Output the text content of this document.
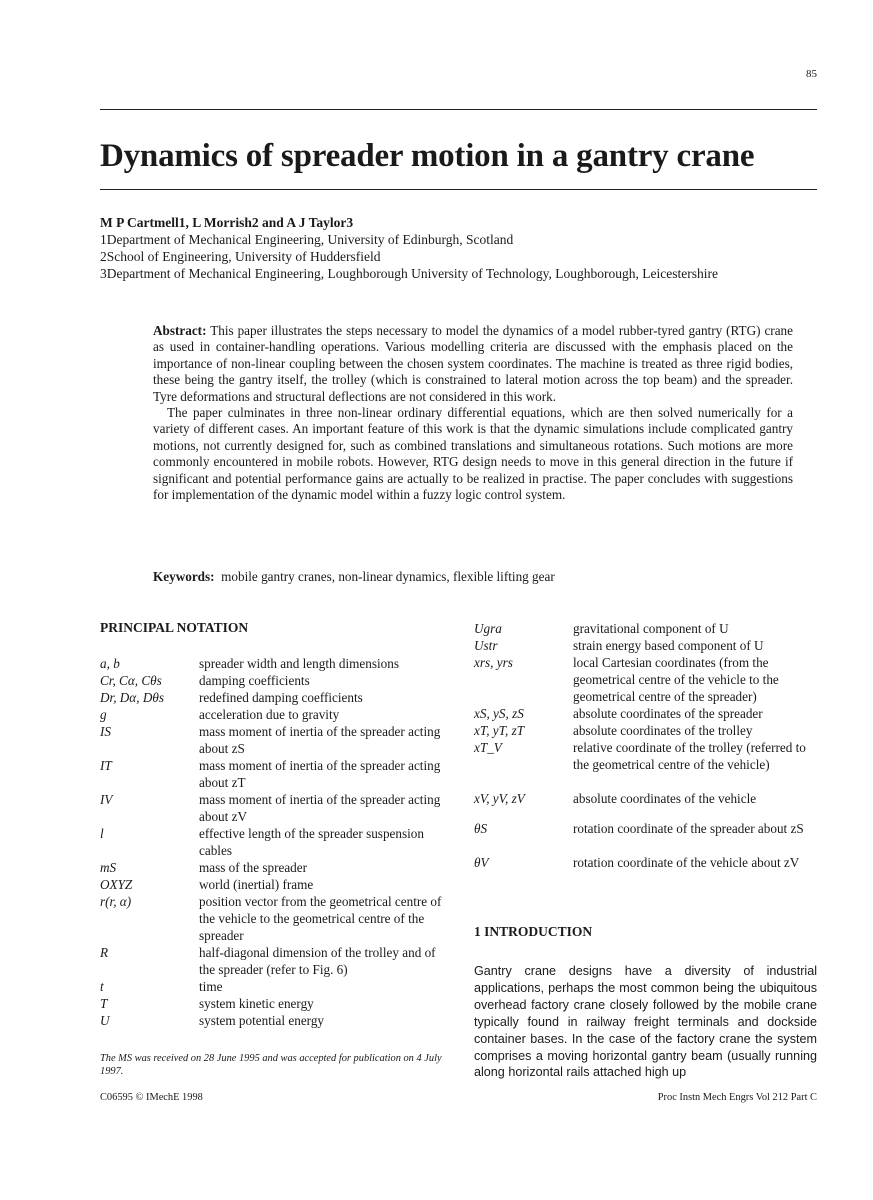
85
Dynamics of spreader motion in a gantry crane
M P Cartmell1, L Morrish2 and A J Taylor3
1Department of Mechanical Engineering, University of Edinburgh, Scotland
2School of Engineering, University of Huddersfield
3Department of Mechanical Engineering, Loughborough University of Technology, Loughborough, Leicestershire

Abstract: This paper illustrates the steps necessary to model the dynamics of a model rubber-tyred gantry (RTG) crane as used in container-handling operations. Various modelling criteria are discussed with the emphasis placed on the importance of non-linear coupling between the chosen system coordinates. The machine is treated as three rigid bodies, these being the gantry itself, the trolley (which is constrained to lateral motion across the top beam) and the spreader. Tyre deformations and structural deflections are not considered in this work.

The paper culminates in three non-linear ordinary differential equations, which are then solved numerically for a variety of different cases. An important feature of this work is that the dynamic simulations include complicated gantry motions, not currently designed for, such as combined translations and simultaneous rotations. Such motions are more commonly encountered in mobile robots. However, RTG design needs to move in this general direction in the future if significant and potential performance gains are actually to be realized in practise. The paper concludes with suggestions for implementation of the dynamic model within a fuzzy logic control system.

Keywords: mobile gantry cranes, non-linear dynamics, flexible lifting gear
PRINCIPAL NOTATION
a, b	spreader width and length dimensions
Cr, Cα, Cθs	damping coefficients
Dr, Dα, Dθs	redefined damping coefficients
g	acceleration due to gravity
IS	mass moment of inertia of the spreader acting about zS
IT	mass moment of inertia of the spreader acting about zT
IV	mass moment of inertia of the spreader acting about zV
l	effective length of the spreader suspension cables
mS	mass of the spreader
OXYZ	world (inertial) frame
r(r, α)	position vector from the geometrical centre of the vehicle to the geometrical centre of the spreader
R	half-diagonal dimension of the trolley and of the spreader (refer to Fig. 6)
t	time
T	system kinetic energy
U	system potential energy
Ugra	gravitational component of U
Ustr	strain energy based component of U
xrs, yrs	local Cartesian coordinates (from the geometrical centre of the vehicle to the geometrical centre of the spreader)
xS, yS, zS	absolute coordinates of the spreader
xT, yT, zT	absolute coordinates of the trolley
xT_V	relative coordinate of the trolley (referred to the geometrical centre of the vehicle)
xV, yV, zV	absolute coordinates of the vehicle
θS	rotation coordinate of the spreader about zS
θV	rotation coordinate of the vehicle about zV
1 INTRODUCTION
Gantry crane designs have a diversity of industrial applications, perhaps the most common being the ubiquitous overhead factory crane closely followed by the mobile crane typically found in railway freight terminals and dockside container bases. In the case of the factory crane the system comprises a moving horizontal gantry beam (usually running along horizontal rails attached high up
The MS was received on 28 June 1995 and was accepted for publication on 4 July 1997.
C06595 © IMechE 1998	Proc Instn Mech Engrs Vol 212 Part C
